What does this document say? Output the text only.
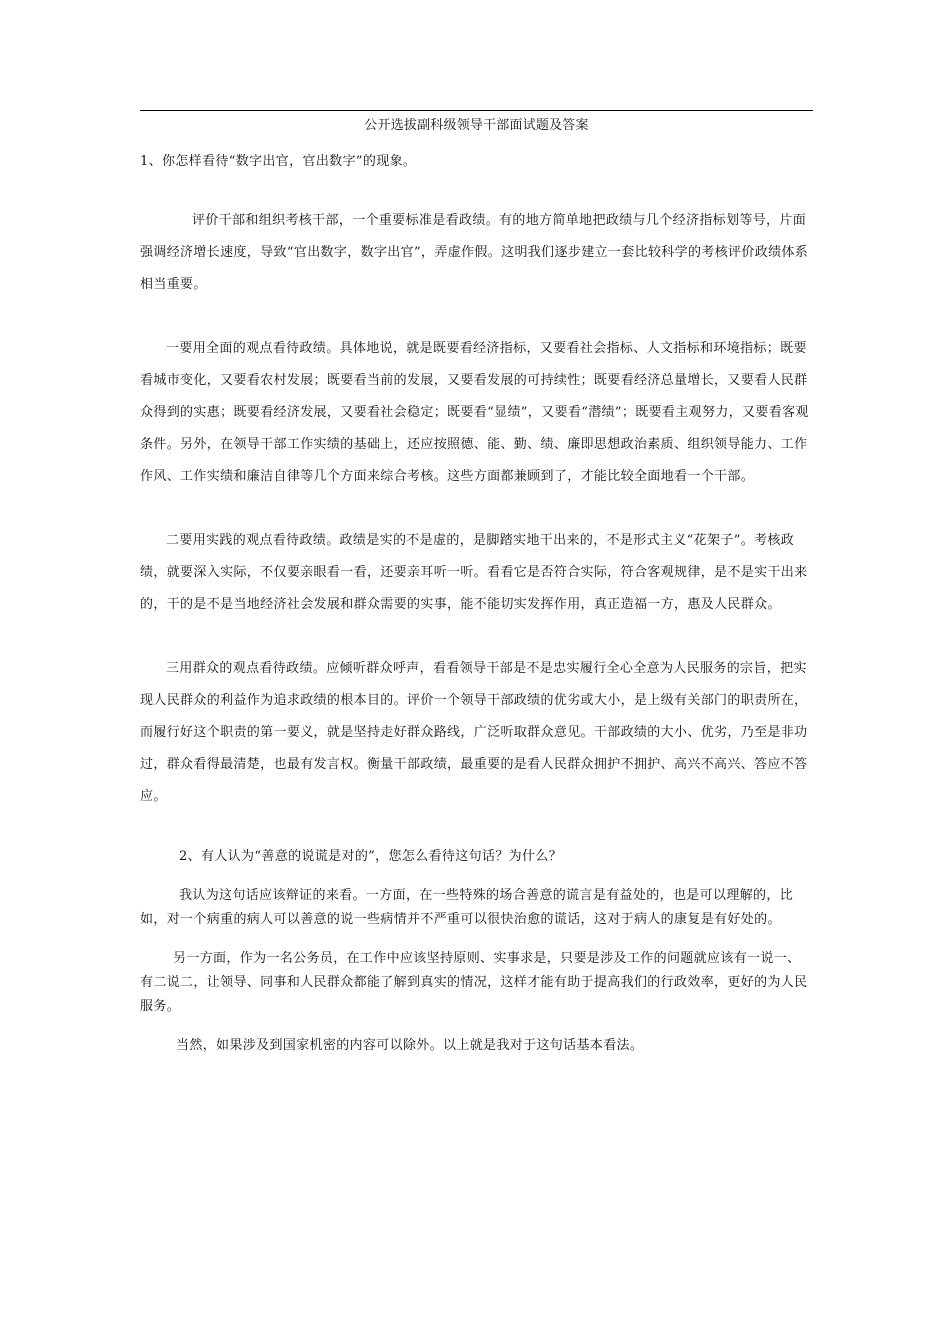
公开选拔副科级领导干部面试题及答案

1、你怎样看待“数字出官，官出数字”的现象。

评价干部和组织考核干部，一个重要标准是看政绩。有的地方简单地把政绩与几个经济指标划等号，片面强调经济增长速度，导致“官出数字，数字出官”，弄虚作假。这明我们逐步建立一套比较科学的考核评价政绩体系相当重要。

一要用全面的观点看待政绩。具体地说，就是既要看经济指标，又要看社会指标、人文指标和环境指标；既要看城市变化，又要看农村发展；既要看当前的发展，又要看发展的可持续性；既要看经济总量增长，又要看人民群众得到的实惠；既要看经济发展，又要看社会稳定；既要看“显绩”，又要看“潜绩”；既要看主观努力，又要看客观条件。另外，在领导干部工作实绩的基础上，还应按照德、能、勤、绩、廉即思想政治素质、组织领导能力、工作作风、工作实绩和廉洁自律等几个方面来综合考核。这些方面都兼顾到了，才能比较全面地看一个干部。

二要用实践的观点看待政绩。政绩是实的不是虚的，是脚踏实地干出来的，不是形式主义“花架子”。考核政绩，就要深入实际，不仅要亲眼看一看，还要亲耳听一听。看看它是否符合实际，符合客观规律，是不是实干出来的，干的是不是当地经济社会发展和群众需要的实事，能不能切实发挥作用，真正造福一方，惠及人民群众。

三用群众的观点看待政绩。应倾听群众呼声，看看领导干部是不是忠实履行全心全意为人民服务的宗旨，把实现人民群众的利益作为追求政绩的根本目的。评价一个领导干部政绩的优劣或大小，是上级有关部门的职责所在，而履行好这个职责的第一要义，就是坚持走好群众路线，广泛听取群众意见。干部政绩的大小、优劣，乃至是非功过，群众看得最清楚，也最有发言权。衡量干部政绩，最重要的是看人民群众拥护不拥护、高兴不高兴、答应不答应。

2、有人认为“善意的说谎是对的”，您怎么看待这句话？为什么？

我认为这句话应该辩证的来看。一方面，在一些特殊的场合善意的谎言是有益处的，也是可以理解的，比如，对一个病重的病人可以善意的说一些病情并不严重可以很快治愈的谎话，这对于病人的康复是有好处的。

另一方面，作为一名公务员，在工作中应该坚持原则、实事求是，只要是涉及工作的问题就应该有一说一、有二说二，让领导、同事和人民群众都能了解到真实的情况，这样才能有助于提高我们的行政效率，更好的为人民服务。

当然，如果涉及到国家机密的内容可以除外。以上就是我对于这句话基本看法。
